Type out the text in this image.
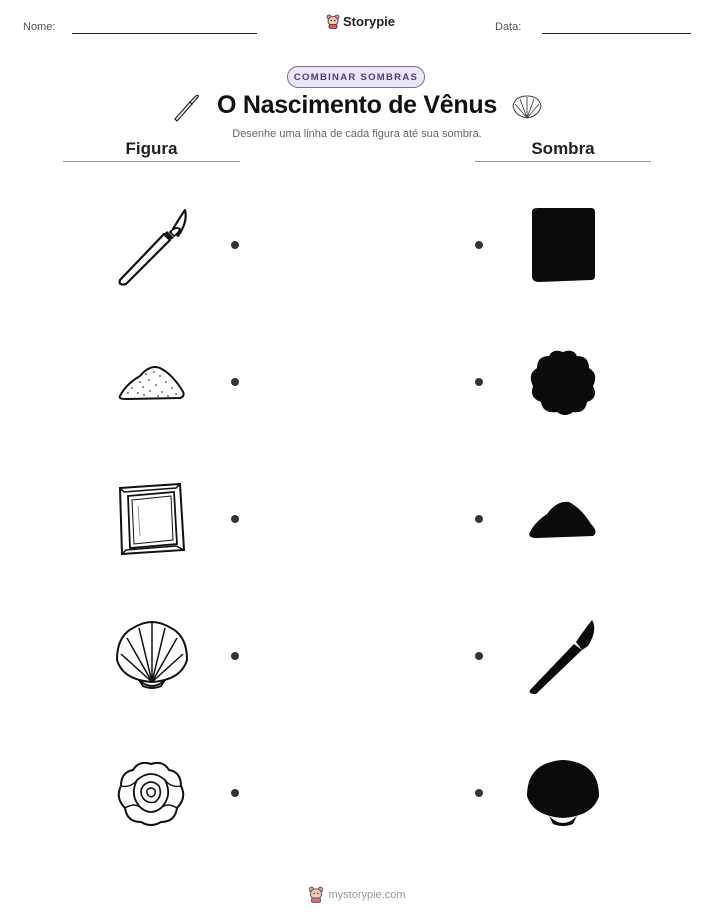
Nome:	Storypie	Data:
COMBINAR SOMBRAS
O Nascimento de Vênus
Desenhe uma linha de cada figura até sua sombra.
Figura	Sombra
mystorypie.com
